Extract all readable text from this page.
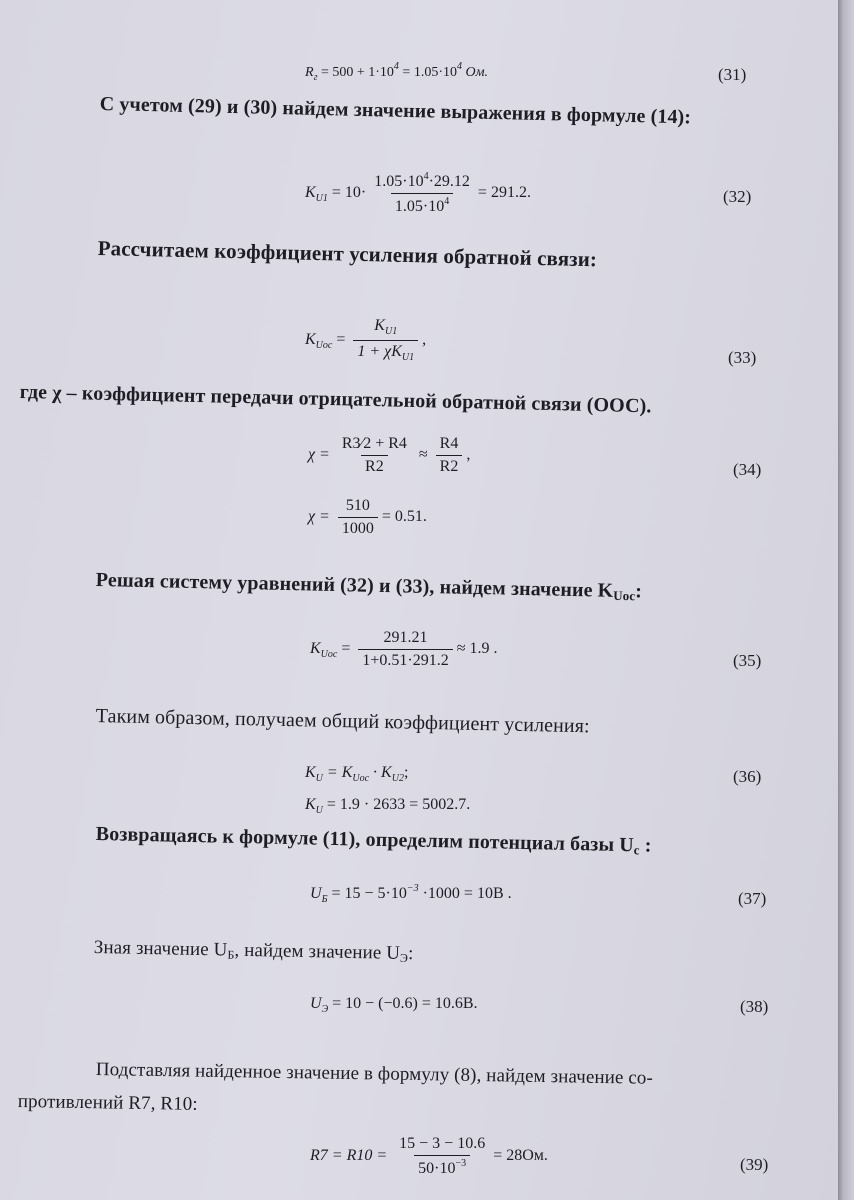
$R_г = 500 + 1\cdot 10^4 = 1.05\cdot 10^4$ Ом.	(31)

С учетом (29) и (30) найдем значение выражения в формуле (14):

$K_{U1} = 10\cdot \frac{1.05\cdot 10^4\cdot 29.12}{1.05\cdot 10^4} = 291.2$.	(32)

Рассчитаем коэффициент усиления обратной связи:

$K_{Uoc} = \frac{K_{U1}}{1 + \chi K_{U1}}$ ,
(33)

где χ – коэффициент передачи отрицательной обратной связи (ООС).

$\chi = \frac{R3⁄2 + R4}{R2} \approx \frac{R4}{R2}$ ,
(34)
$\chi = \frac{510}{1000} = 0.51$.

Решая систему уравнений (32) и (33), найдем значение KUoc:

$K_{Uoc} = \frac{291.21}{1+0.51\cdot 291.2} \approx 1.9$ .
(35)

Таким образом, получаем общий коэффициент усиления:

$K_U = K_{Uoc} \cdot K_{U2}$;	(36)
$K_U = 1.9 \cdot 2633 = 5002.7$.

Возвращаясь к формуле (11), определим потенциал базы Uc :

$U_Б = 15 - 5\cdot 10^{-3} \cdot 1000 = 10B$ .	(37)

Зная значение UБ, найдем значение UЭ:

$U_Э = 10 - (-0.6) = 10.6B$.	(38)

Подставляя найденное значение в формулу (8), найдем значение со-

противлений R7, R10:

$R7 = R10 = \frac{15 - 3 - 10.6}{50\cdot 10^{-3}} = 28Ом$.	(39)
